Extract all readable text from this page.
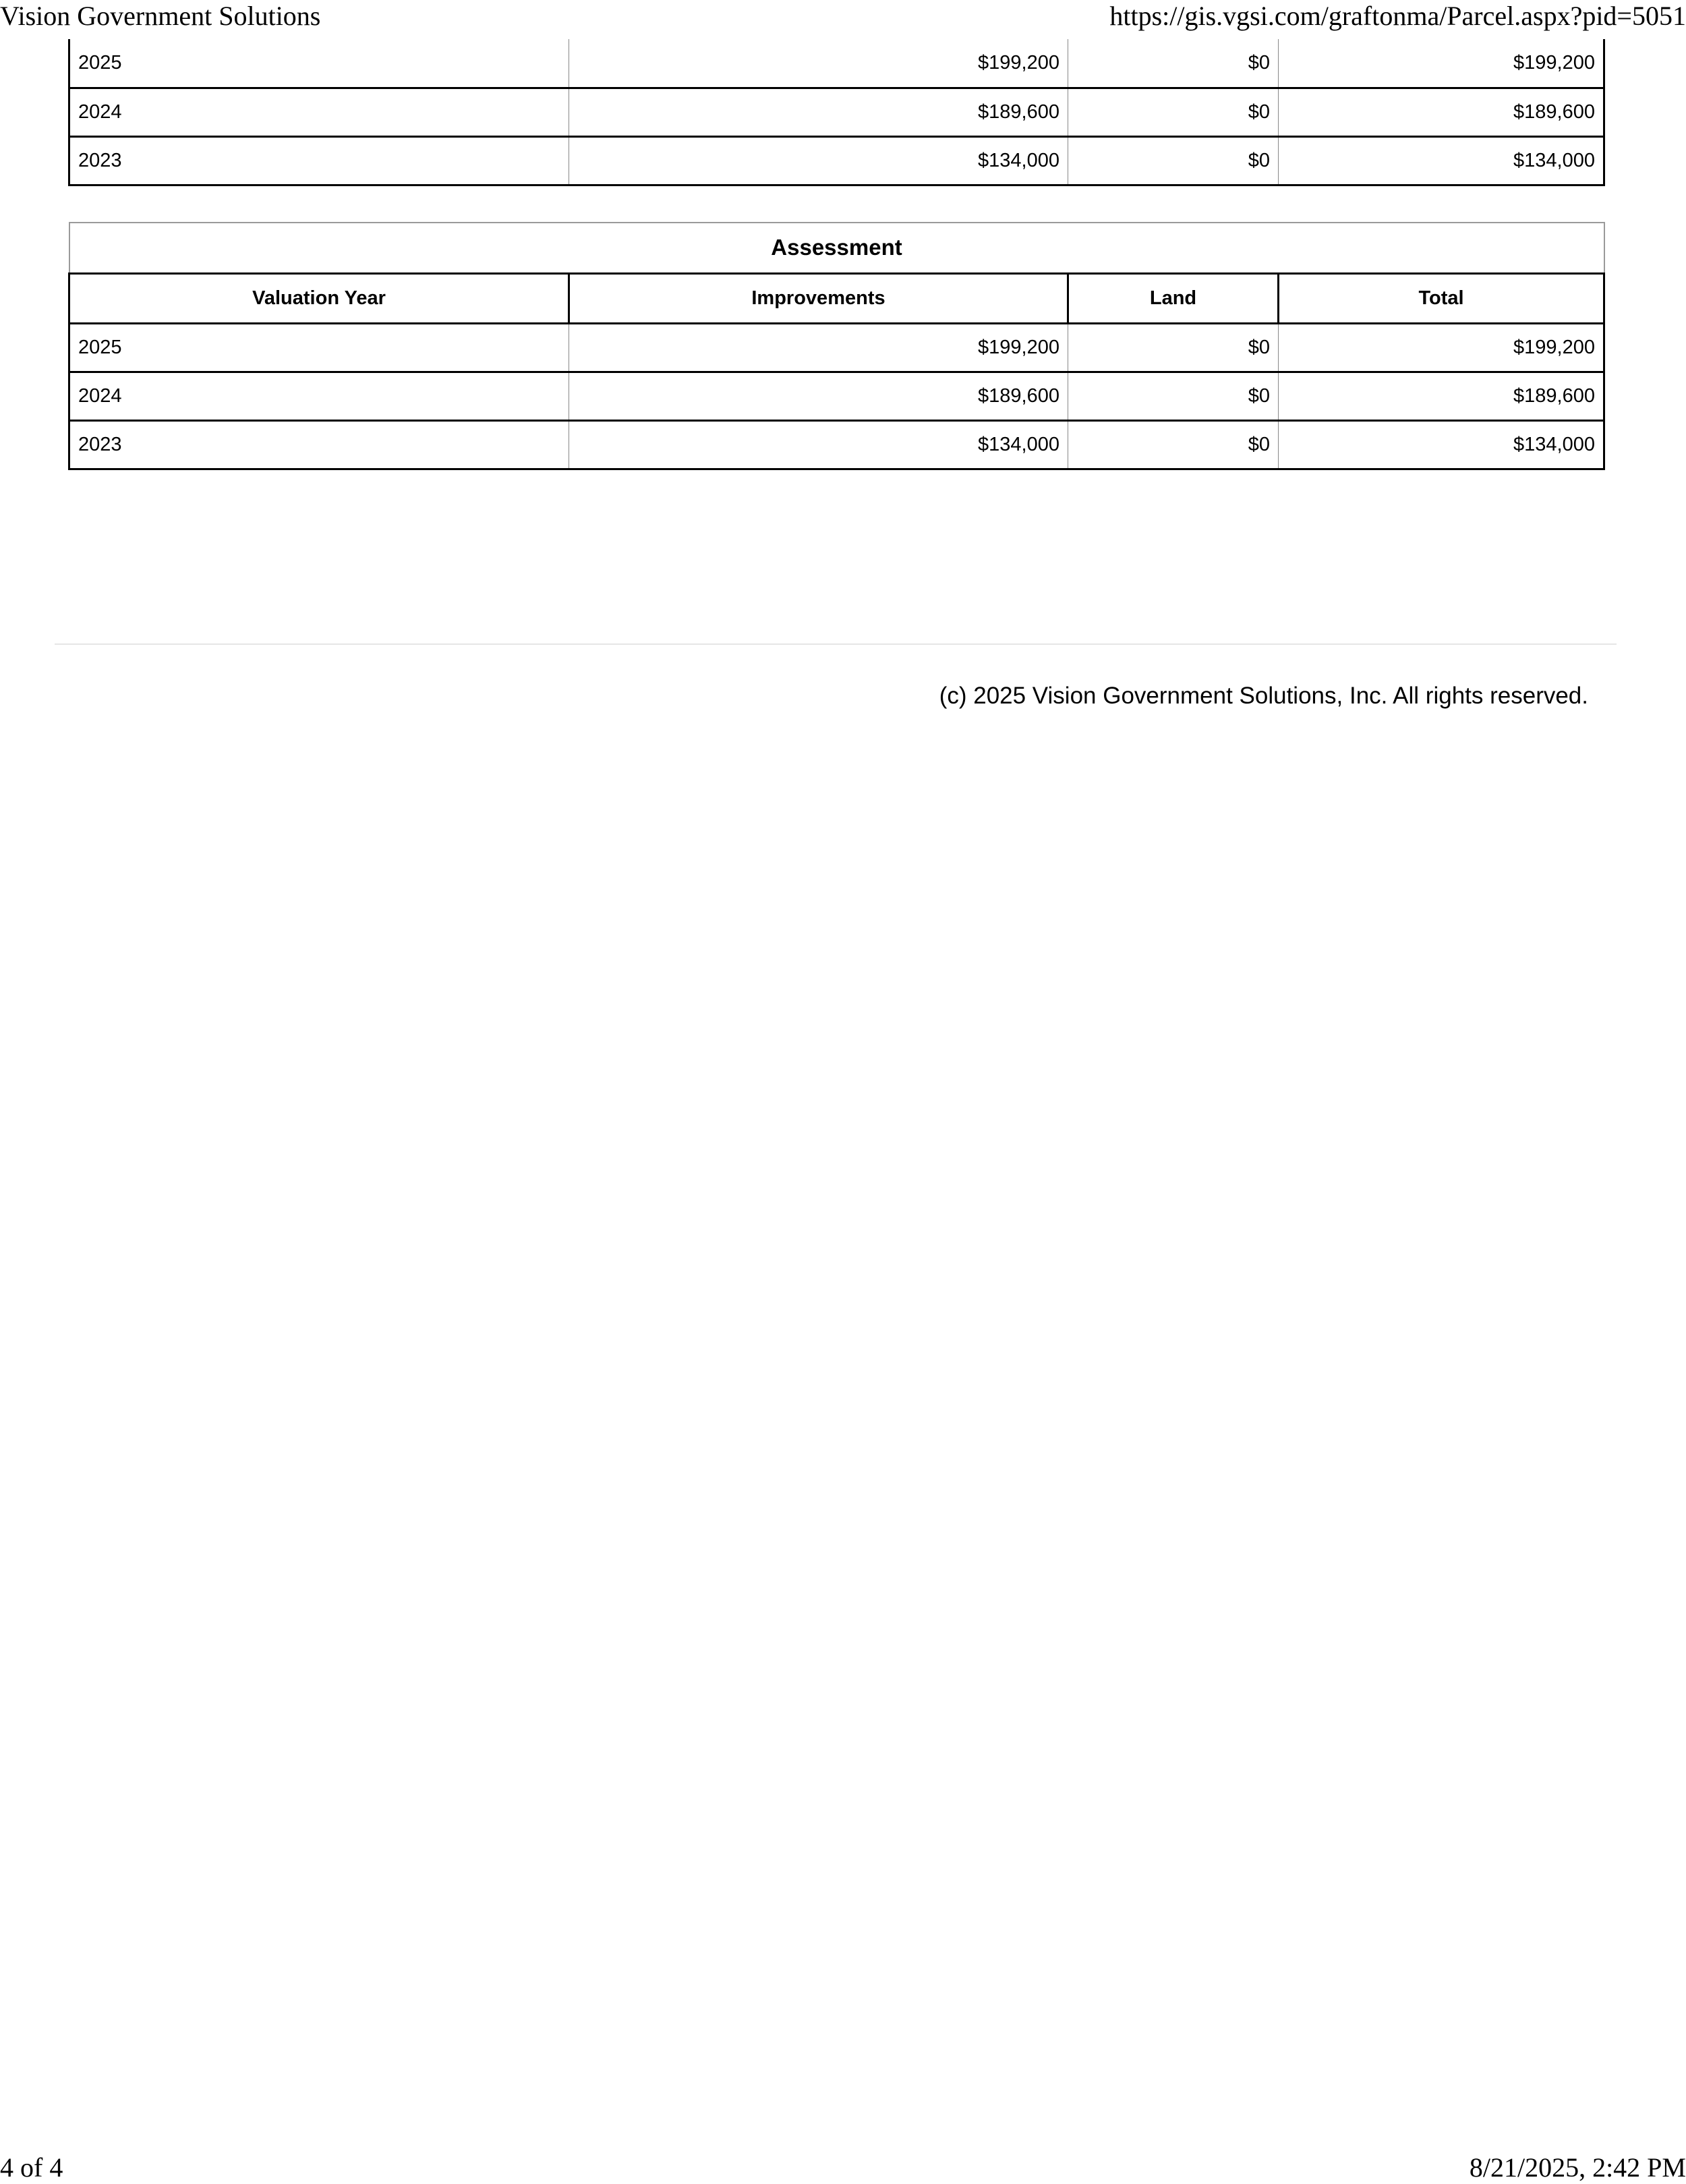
Vision Government Solutions	https://gis.vgsi.com/graftonma/Parcel.aspx?pid=5051
2025	$199,200	$0	$199,200
2024	$189,600	$0	$189,600
2023	$134,000	$0	$134,000
Assessment			
Valuation Year	Improvements	Land	Total
2025	$199,200	$0	$199,200
2024	$189,600	$0	$189,600
2023	$134,000	$0	$134,000
(c) 2025 Vision Government Solutions, Inc. All rights reserved.
4 of 4	8/21/2025, 2:42 PM
